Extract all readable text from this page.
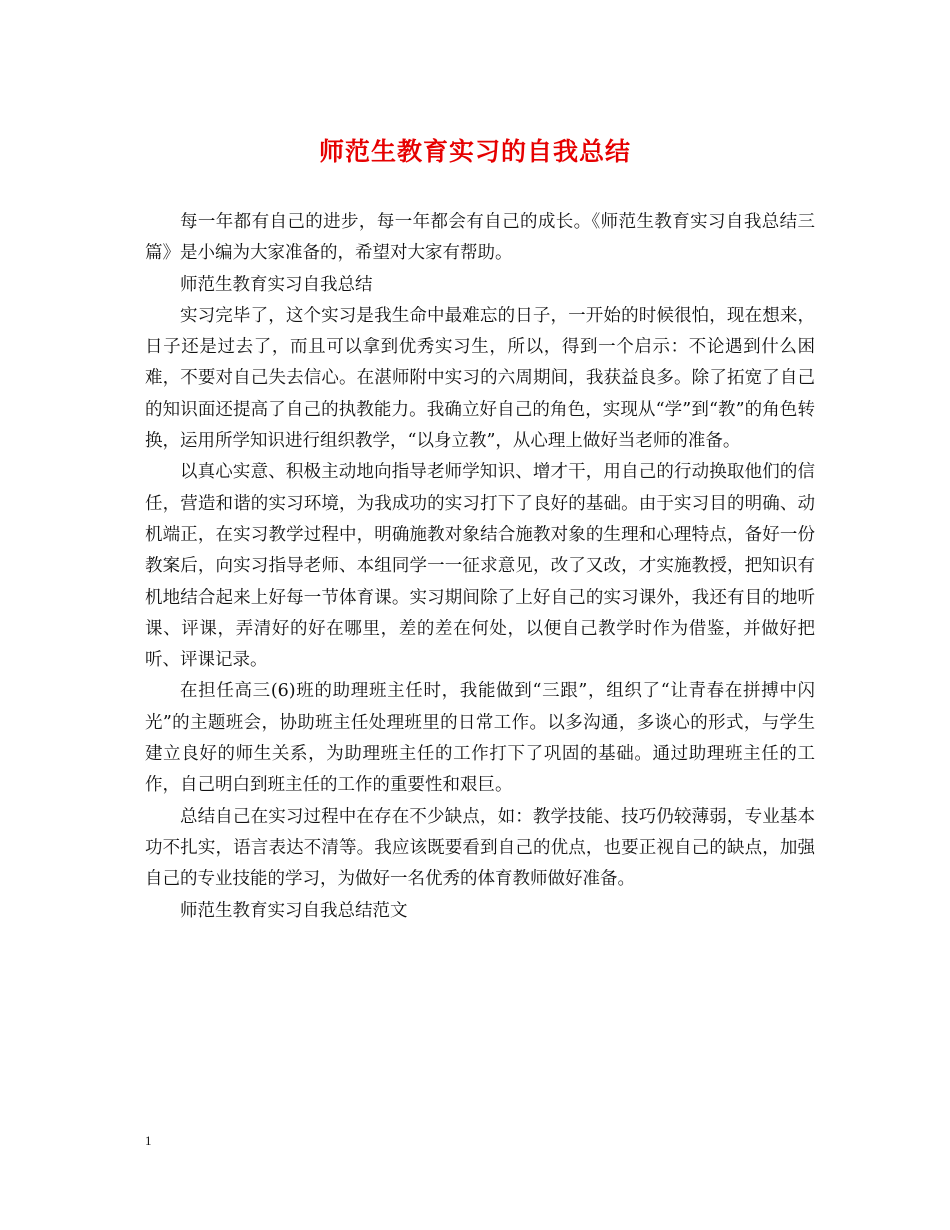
师范生教育实习的自我总结

每一年都有自己的进步，每一年都会有自己的成长。《师范生教育实习自我总结三篇》是小编为大家准备的，希望对大家有帮助。

师范生教育实习自我总结

实习完毕了，这个实习是我生命中最难忘的日子，一开始的时候很怕，现在想来，日子还是过去了，而且可以拿到优秀实习生，所以，得到一个启示：不论遇到什么困难，不要对自己失去信心。在湛师附中实习的六周期间，我获益良多。除了拓宽了自己的知识面还提高了自己的执教能力。我确立好自己的角色，实现从“学”到“教”的角色转换，运用所学知识进行组织教学，“以身立教”，从心理上做好当老师的准备。

以真心实意、积极主动地向指导老师学知识、增才干，用自己的行动换取他们的信任，营造和谐的实习环境，为我成功的实习打下了良好的基础。由于实习目的明确、动机端正，在实习教学过程中，明确施教对象结合施教对象的生理和心理特点，备好一份教案后，向实习指导老师、本组同学一一征求意见，改了又改，才实施教授，把知识有机地结合起来上好每一节体育课。实习期间除了上好自己的实习课外，我还有目的地听课、评课，弄清好的好在哪里，差的差在何处，以便自己教学时作为借鉴，并做好把听、评课记录。

在担任高三(6)班的助理班主任时，我能做到“三跟”，组织了“让青春在拼搏中闪光”的主题班会，协助班主任处理班里的日常工作。以多沟通，多谈心的形式，与学生建立良好的师生关系，为助理班主任的工作打下了巩固的基础。通过助理班主任的工作，自己明白到班主任的工作的重要性和艰巨。

总结自己在实习过程中在存在不少缺点，如：教学技能、技巧仍较薄弱，专业基本功不扎实，语言表达不清等。我应该既要看到自己的优点，也要正视自己的缺点，加强自己的专业技能的学习，为做好一名优秀的体育教师做好准备。

师范生教育实习自我总结范文

1
